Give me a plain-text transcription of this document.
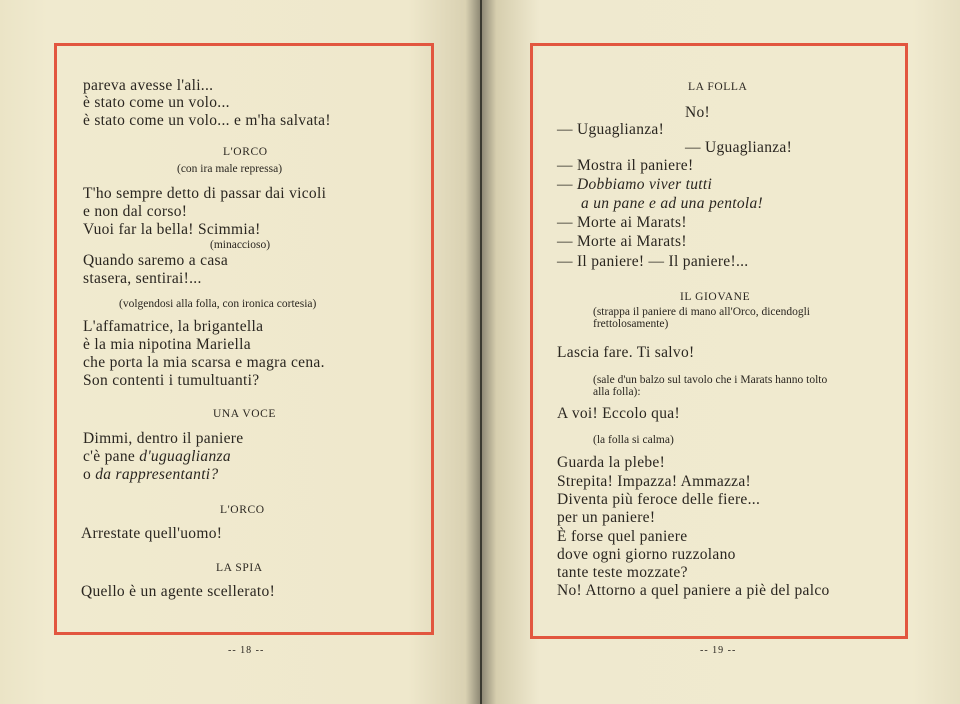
pareva avesse l'ali...
è stato come un volo...
è stato come un volo... e m'ha salvata!
L'ORCO
(con ira male repressa)
T'ho sempre detto di passar dai vicoli
e non dal corso!
Vuoi far la bella! Scimmia!
(minaccioso)
Quando saremo a casa
stasera, sentirai!...
(volgendosi alla folla, con ironica cortesia)
L'affamatrice, la brigantella
è la mia nipotina Mariella
che porta la mia scarsa e magra cena.
Son contenti i tumultuanti?
UNA VOCE
Dimmi, dentro il paniere
c'è pane d'uguaglianza
o da rappresentanti?
L'ORCO
Arrestate quell'uomo!
LA SPIA
Quello è un agente scellerato!
-- 18 --
LA FOLLA
No!
— Uguaglianza!
— Uguaglianza!
— Mostra il paniere!
— Dobbiamo viver tutti
a un pane e ad una pentola!
— Morte ai Marats!
— Morte ai Marats!
— Il paniere! — Il paniere!...
IL GIOVANE
(strappa il paniere di mano all'Orco, dicendogli
frettolosamente)
Lascia fare. Ti salvo!
(sale d'un balzo sul tavolo che i Marats hanno tolto
alla folla):
A voi! Eccolo qua!
(la folla si calma)
Guarda la plebe!
Strepita! Impazza! Ammazza!
Diventa più feroce delle fiere...
per un paniere!
È forse quel paniere
dove ogni giorno ruzzolano
tante teste mozzate?
No! Attorno a quel paniere a piè del palco
-- 19 --
